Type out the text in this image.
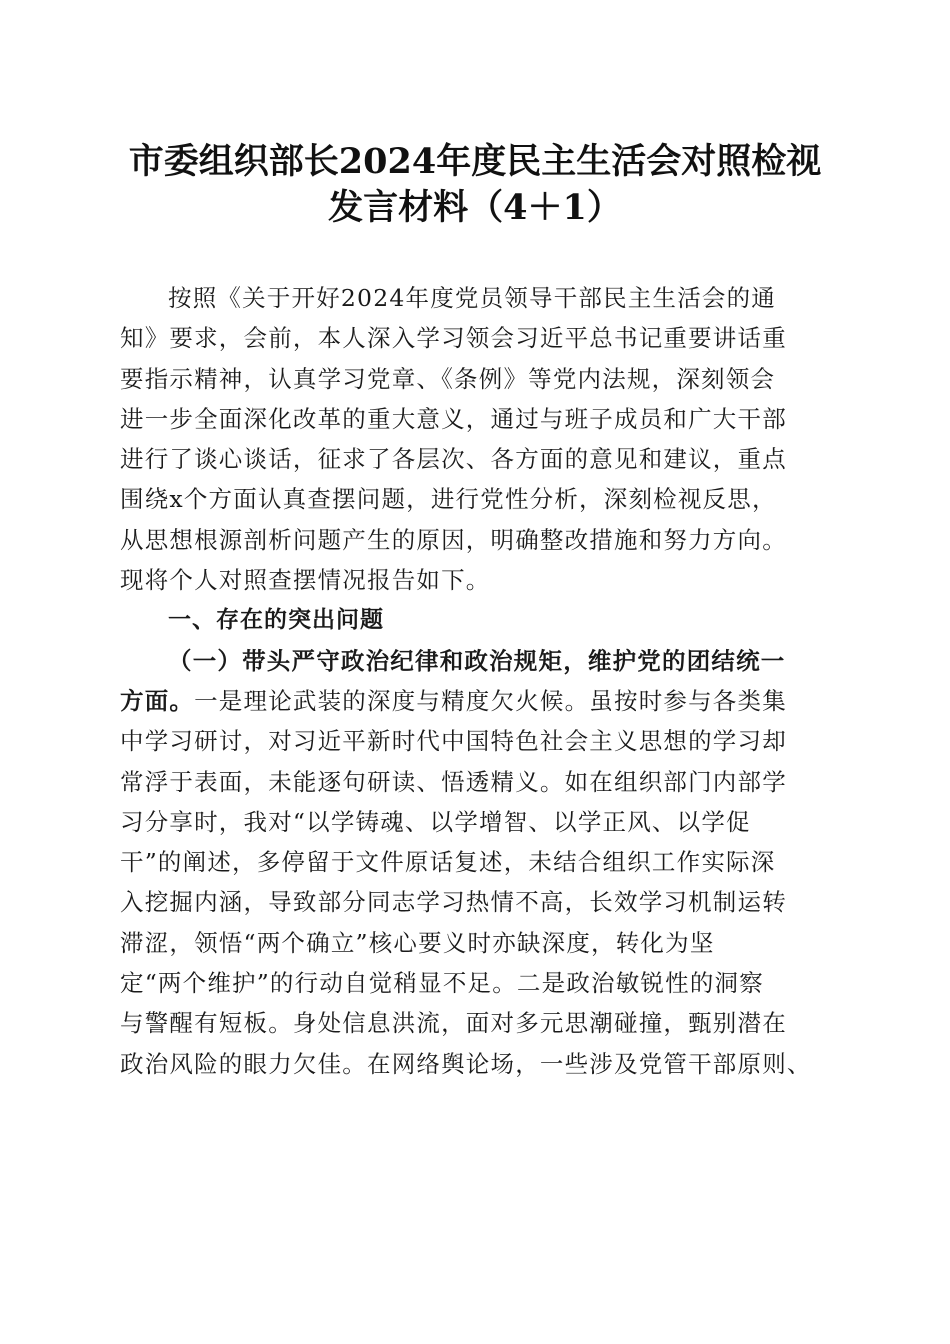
市委组织部长2024年度民主生活会对照检视
发言材料（4＋1）
按照《关于开好2024年度党员领导干部民主生活会的通
知》要求，会前，本人深入学习领会习近平总书记重要讲话重
要指示精神，认真学习党章、《条例》等党内法规，深刻领会
进一步全面深化改革的重大意义，通过与班子成员和广大干部
进行了谈心谈话，征求了各层次、各方面的意见和建议，重点
围绕x个方面认真查摆问题，进行党性分析，深刻检视反思，
从思想根源剖析问题产生的原因，明确整改措施和努力方向。
现将个人对照查摆情况报告如下。
一、存在的突出问题
（一）带头严守政治纪律和政治规矩，维护党的团结统一
方面。一是理论武装的深度与精度欠火候。虽按时参与各类集
中学习研讨，对习近平新时代中国特色社会主义思想的学习却
常浮于表面，未能逐句研读、悟透精义。如在组织部门内部学
习分享时，我对“以学铸魂、以学增智、以学正风、以学促
干”的阐述，多停留于文件原话复述，未结合组织工作实际深
入挖掘内涵，导致部分同志学习热情不高，长效学习机制运转
滞涩，领悟“两个确立”核心要义时亦缺深度，转化为坚
定“两个维护”的行动自觉稍显不足。二是政治敏锐性的洞察
与警醒有短板。身处信息洪流，面对多元思潮碰撞，甄别潜在
政治风险的眼力欠佳。在网络舆论场，一些涉及党管干部原则、
